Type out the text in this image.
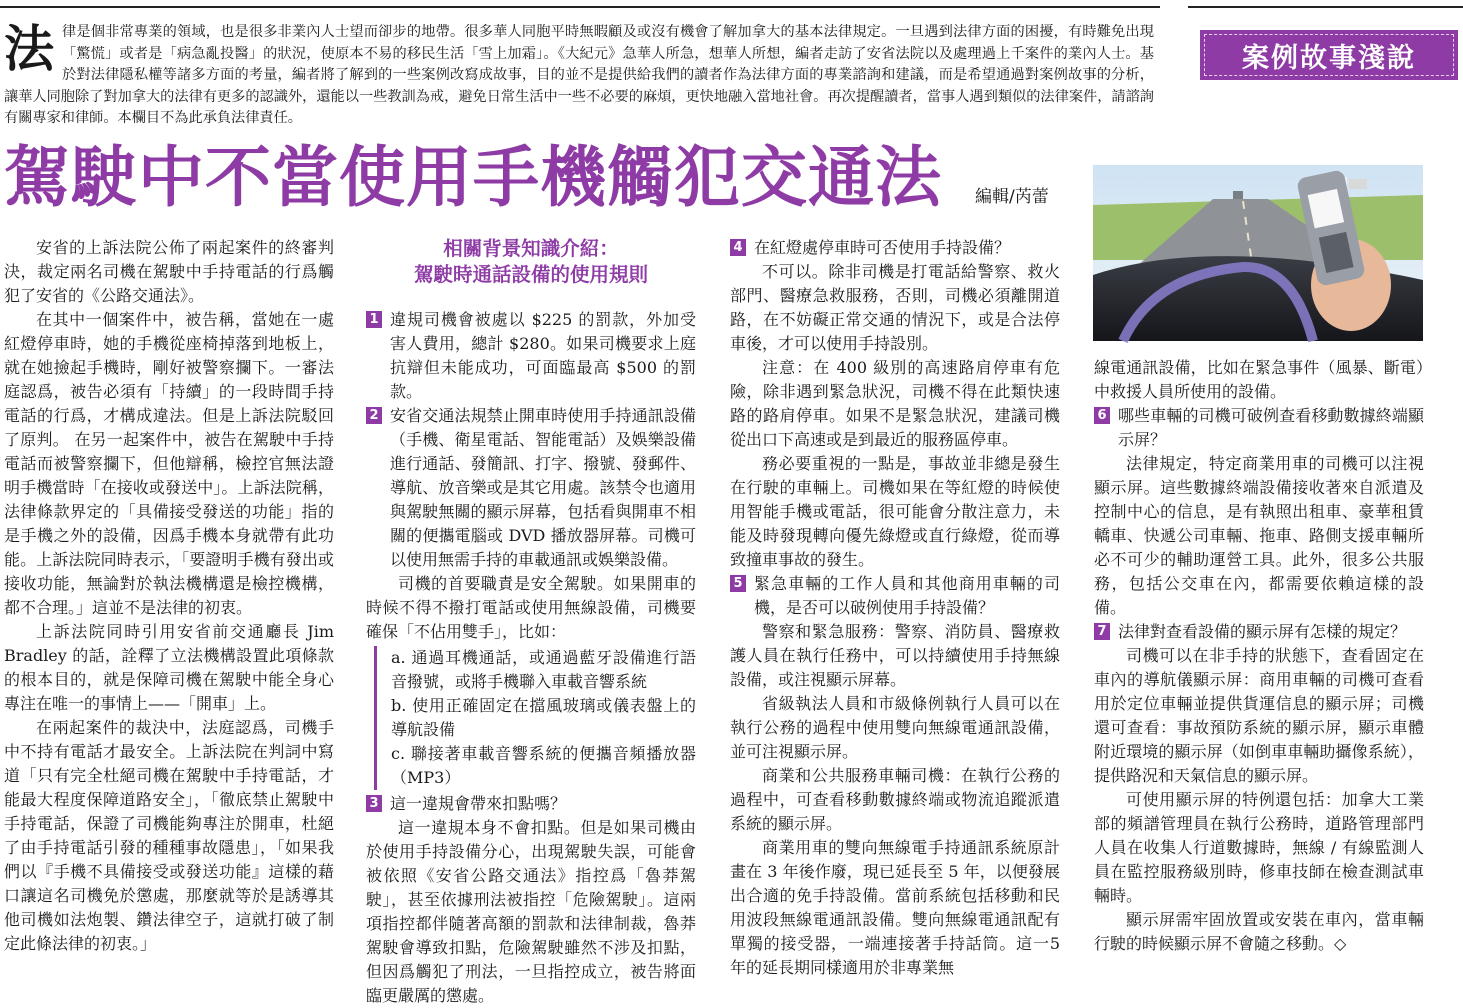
法 律是個非常專業的領域，也是很多非業內人士望而卻步的地帶。很多華人同胞平時無暇顧及或沒有機會了解加拿大的基本法律規定。一旦遇到法律方面的困擾，有時難免出現「驚慌」或者是「病急亂投醫」的狀況，使原本不易的移民生活「雪上加霜」。《大紀元》急華人所急，想華人所想，編者走訪了安省法院以及處理過上千案件的業內人士。基於對法律隱私權等諸多方面的考量，編者將了解到的一些案例改寫成故事，目的並不是提供給我們的讀者作為法律方面的專業諮詢和建議，而是希望通過對案例故事的分析，讓華人同胞除了對加拿大的法律有更多的認識外，還能以一些教訓為戒，避免日常生活中一些不必要的麻煩，更快地融入當地社會。再次提醒讀者，當事人遇到類似的法律案件，請諮詢有關專家和律師。本欄目不為此承負法律責任。
案例故事淺說
駕駛中不當使用手機觸犯交通法 編輯/芮蕾

安省的上訴法院公佈了兩起案件的終審判決，裁定兩名司機在駕駛中手持電話的行爲觸犯了安省的《公路交通法》。

在其中一個案件中，被告稱，當她在一處紅燈停車時，她的手機從座椅掉落到地板上，就在她撿起手機時，剛好被警察攔下。一審法庭認爲，被告必須有「持續」的一段時間手持電話的行爲，才構成違法。但是上訴法院駁回了原判。 在另一起案件中，被告在駕駛中手持電話而被警察攔下，但他辯稱，檢控官無法證明手機當時「在接收或發送中」。上訴法院稱，法律條款界定的「具備接受發送的功能」指的是手機之外的設備，因爲手機本身就帶有此功能。上訴法院同時表示，「要證明手機有發出或接收功能，無論對於執法機構還是檢控機構，都不合理。」這並不是法律的初衷。

上訴法院同時引用安省前交通廳長 Jim Bradley 的話，詮釋了立法機構設置此項條款的根本目的，就是保障司機在駕駛中能全身心專注在唯一的事情上——「開車」上。

在兩起案件的裁決中，法庭認爲，司機手中不持有電話才最安全。上訴法院在判詞中寫道「只有完全杜絕司機在駕駛中手持電話，才能最大程度保障道路安全」，「徹底禁止駕駛中手持電話，保證了司機能夠專注於開車，杜絕了由手持電話引發的種種事故隱患」，「如果我們以『手機不具備接受或發送功能』這樣的藉口讓這名司機免於懲處，那麼就等於是誘導其他司機如法炮製、鑽法律空子，這就打破了制定此條法律的初衷。」

相關背景知識介紹：
駕駛時通話設備的使用規則
1 違規司機會被處以 $225 的罰款，外加受害人費用，總計 $280。如果司機要求上庭抗辯但未能成功，可面臨最高 $500 的罰款。
2 安省交通法規禁止開車時使用手持通訊設備（手機、衛星電話、智能電話）及娛樂設備進行通話、發簡訊、打字、撥號、發郵件、導航、放音樂或是其它用處。該禁令也適用與駕駛無關的顯示屏幕，包括看與開車不相關的便攜電腦或 DVD 播放器屏幕。司機可以使用無需手持的車載通訊或娛樂設備。

司機的首要職責是安全駕駛。如果開車的時候不得不撥打電話或使用無線設備，司機要確保「不佔用雙手」，比如：

a. 通過耳機通話，或通過藍牙設備進行語音撥號，或將手機聯入車載音響系統

b. 使用正確固定在擋風玻璃或儀表盤上的導航設備

c. 聯接著車載音響系統的便攜音頻播放器（MP3）

3 這一違規會帶來扣點嗎？

這一違規本身不會扣點。但是如果司機由於使用手持設備分心，出現駕駛失誤，可能會被依照《安省公路交通法》指控爲「魯莽駕駛」，甚至依據刑法被指控「危險駕駛」。這兩項指控都伴隨著高額的罰款和法律制裁，魯莽駕駛會導致扣點，危險駕駛雖然不涉及扣點，但因爲觸犯了刑法，一旦指控成立，被告將面臨更嚴厲的懲處。

4 在紅燈處停車時可否使用手持設備？

不可以。除非司機是打電話給警察、救火部門、醫療急救服務，否則，司機必須離開道路，在不妨礙正常交通的情況下，或是合法停車後，才可以使用手持設別。

注意：在 400 級別的高速路肩停車有危險，除非遇到緊急狀況，司機不得在此類快速路的路肩停車。如果不是緊急狀況，建議司機從出口下高速或是到最近的服務區停車。

務必要重視的一點是，事故並非總是發生在行駛的車輛上。司機如果在等紅燈的時候使用智能手機或電話，很可能會分散注意力，未能及時發現轉向優先綠燈或直行綠燈，從而導致撞車事故的發生。

5 緊急車輛的工作人員和其他商用車輛的司機，是否可以破例使用手持設備？

警察和緊急服務：警察、消防員、醫療救護人員在執行任務中，可以持續使用手持無線設備，或注視顯示屏幕。

省級執法人員和市級條例執行人員可以在執行公務的過程中使用雙向無線電通訊設備，並可注視顯示屏。

商業和公共服務車輛司機：在執行公務的過程中，可查看移動數據終端或物流追蹤派遣系統的顯示屏。

商業用車的雙向無線電手持通訊系統原計畫在 3 年後作廢，現已延長至 5 年，以便發展出合適的免手持設備。當前系統包括移動和民用波段無線電通訊設備。雙向無線電通訊配有單獨的接受器，一端連接著手持話筒。這一5 年的延長期同樣適用於非專業無

線電通訊設備，比如在緊急事件（風暴、斷電）中救援人員所使用的設備。

6 哪些車輛的司機可破例查看移動數據終端顯示屏？

法律規定，特定商業用車的司機可以注視顯示屏。這些數據終端設備接收著來自派遣及控制中心的信息，是有執照出租車、豪華租賃轎車、快遞公司車輛、拖車、路側支援車輛所必不可少的輔助運營工具。此外，很多公共服務，包括公交車在內，都需要依賴這樣的設備。

7 法律對查看設備的顯示屏有怎樣的規定？

司機可以在非手持的狀態下，查看固定在車內的導航儀顯示屏：商用車輛的司機可查看用於定位車輛並提供貨運信息的顯示屏；司機還可查看：事故預防系統的顯示屏，顯示車體附近環境的顯示屏（如倒車車輛助攝像系統），提供路況和天氣信息的顯示屏。

可使用顯示屏的特例還包括：加拿大工業部的頻譜管理員在執行公務時，道路管理部門人員在收集人行道數據時，無線 / 有線監測人員在監控服務級別時，修車技師在檢查測試車輛時。

顯示屏需牢固放置或安裝在車內，當車輛行駛的時候顯示屏不會隨之移動。◇
